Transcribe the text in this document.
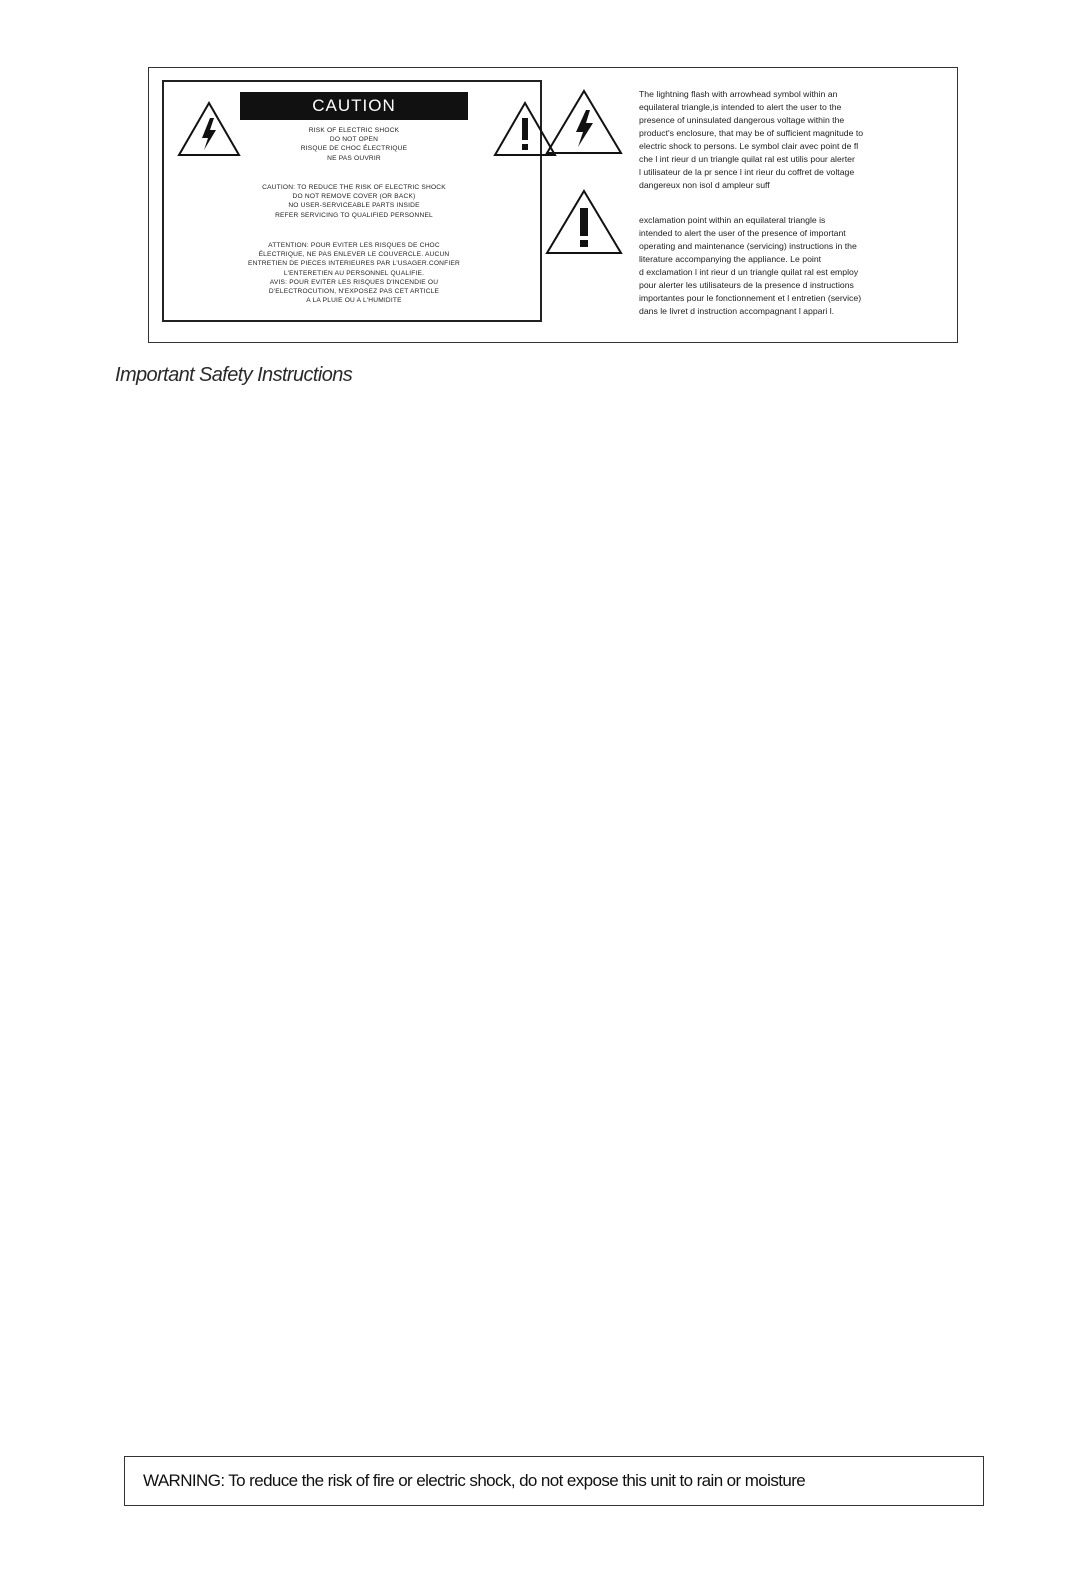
CAUTION
RISK OF ELECTRIC SHOCK
DO NOT OPEN
RISQUE DE CHOC ÉLECTRIQUE
NE PAS OUVRIR
CAUTION: TO REDUCE THE RISK OF ELECTRIC SHOCK
DO NOT REMOVE COVER (OR BACK)
NO USER-SERVICEABLE PARTS INSIDE
REFER SERVICING TO QUALIFIED PERSONNEL
ATTENTION: POUR EVITER LES RISQUES DE CHOC
ÉLECTRIQUE, NE PAS ENLEVER LE COUVERCLE. AUCUN
ENTRETIEN DE PIECES INTERIEURES PAR L'USAGER.CONFIER
L'ENTERETIEN AU PERSONNEL QUALIFIE.
AVIS: POUR EVITER LES RISQUES D'INCENDIE OU
D'ELECTROCUTION, N'EXPOSEZ PAS CET ARTICLE
A LA PLUIE OU A L'HUMIDITE
The lightning flash with arrowhead symbol within an
equilateral triangle,is intended to alert the user to the
presence of uninsulated dangerous voltage within the
product's enclosure, that may be of sufficient magnitude to
electric shock to persons. Le symbol clair avec point de fl
che l int rieur d un triangle quilat ral est utilis pour alerter
l utilisateur de la pr sence l int rieur du coffret de voltage
dangereux non isol d ampleur suff
exclamation point within an equilateral triangle is
intended to alert the user of the presence of important
operating and maintenance (servicing) instructions in the
literature accompanying the appliance. Le point
d exclamation l int rieur d un triangle quilat ral est employ
pour alerter les utilisateurs de la presence d instructions
importantes pour le fonctionnement et l entretien (service)
dans le livret d instruction accompagnant l appari l.
Important Safety Instructions
WARNING: To reduce the risk of fire or electric shock, do not expose this unit to rain or moisture
